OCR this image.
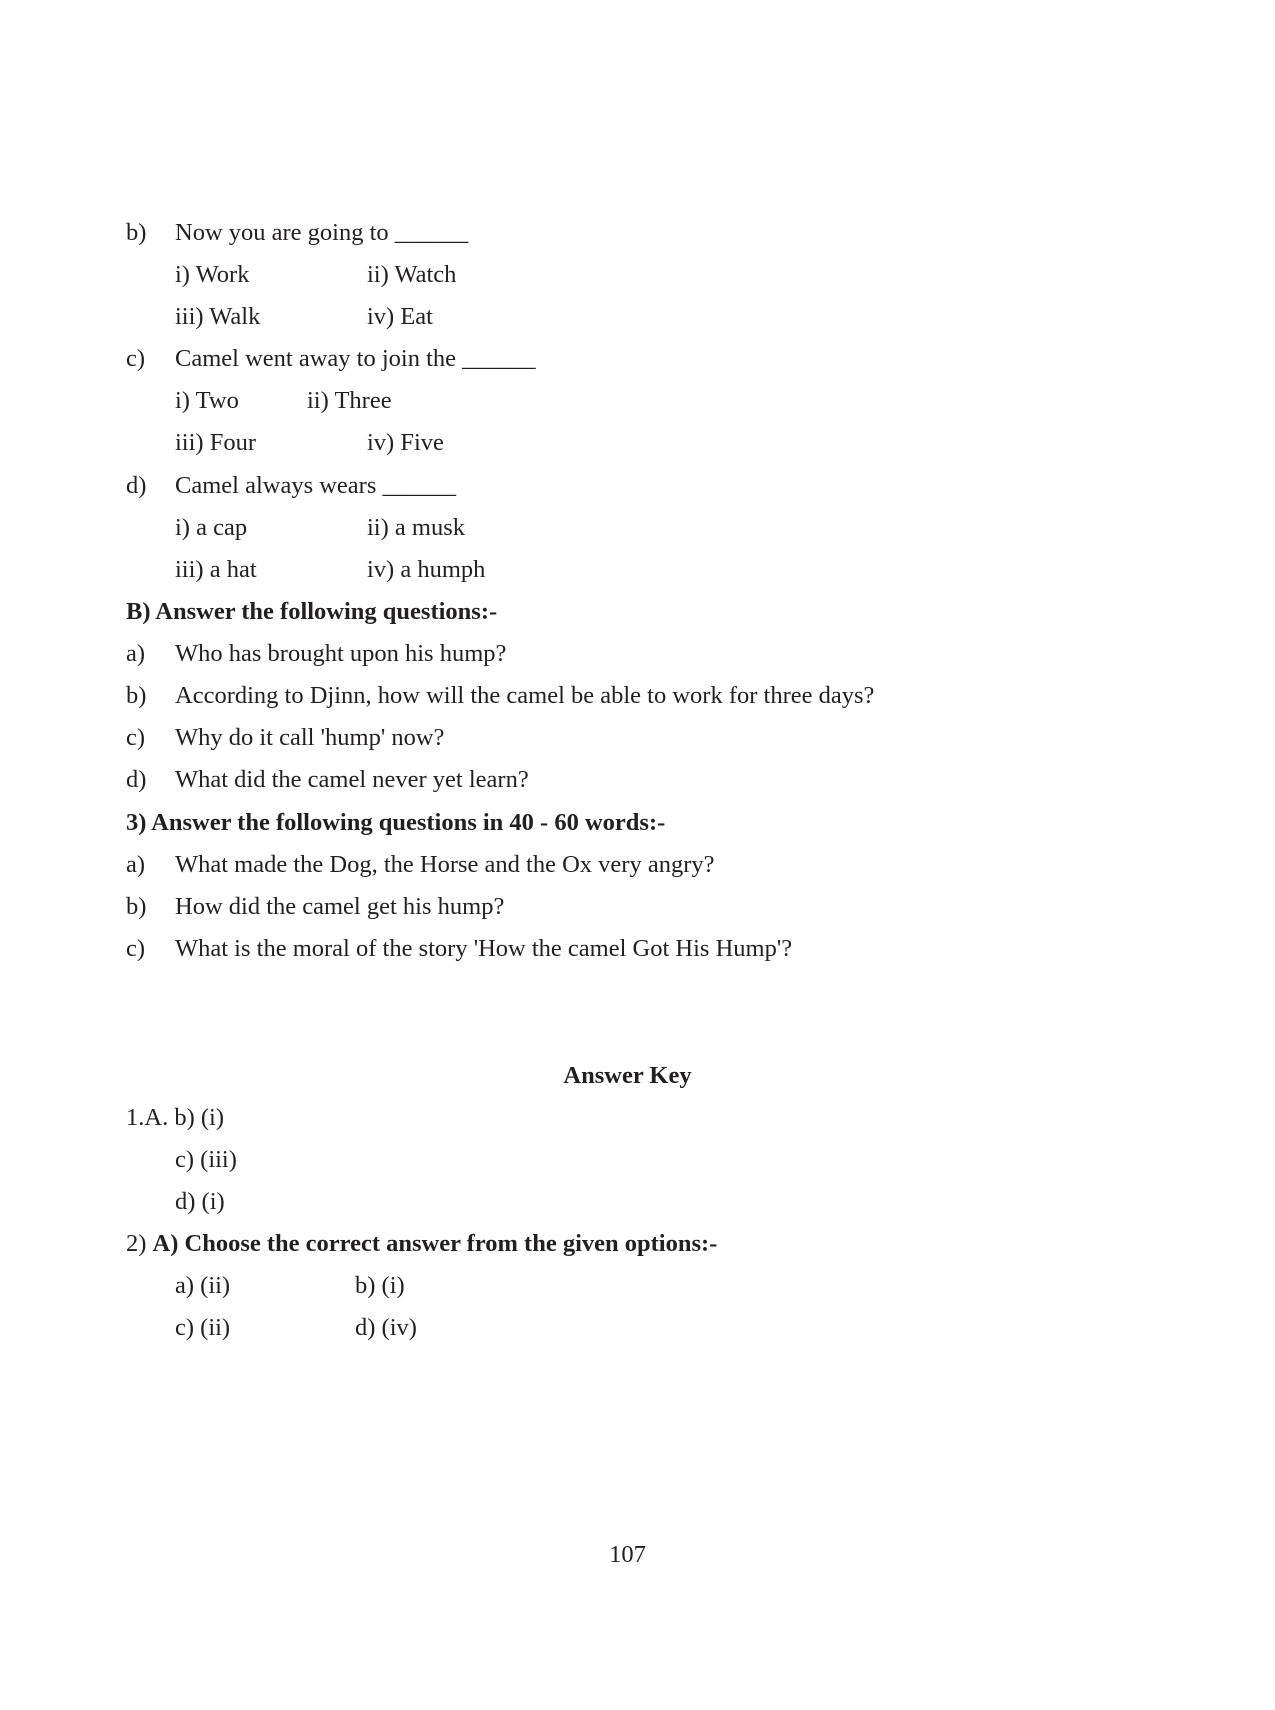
b) Now you are going to ______
i) Work	ii) Watch
iii) Walk	iv) Eat
c) Camel went away to join the ______
i) Two	ii) Three
iii) Four	iv) Five
d) Camel always wears ______
i) a cap	ii) a musk
iii) a hat	iv) a humph
B) Answer the following questions:-
a) Who has brought upon his hump?
b) According to Djinn, how will the camel be able to work for three days?
c) Why do it call 'hump' now?
d) What did the camel never yet learn?
3) Answer the following questions in 40 - 60 words:-
a) What made the Dog, the Horse and the Ox very angry?
b) How did the camel get his hump?
c) What is the moral of the story 'How the camel Got His Hump'?
Answer Key
1.A. b) (i)
c) (iii)
d) (i)
2) A) Choose the correct answer from the given options:-
a) (ii)	b) (i)
c) (ii)	d) (iv)
107
